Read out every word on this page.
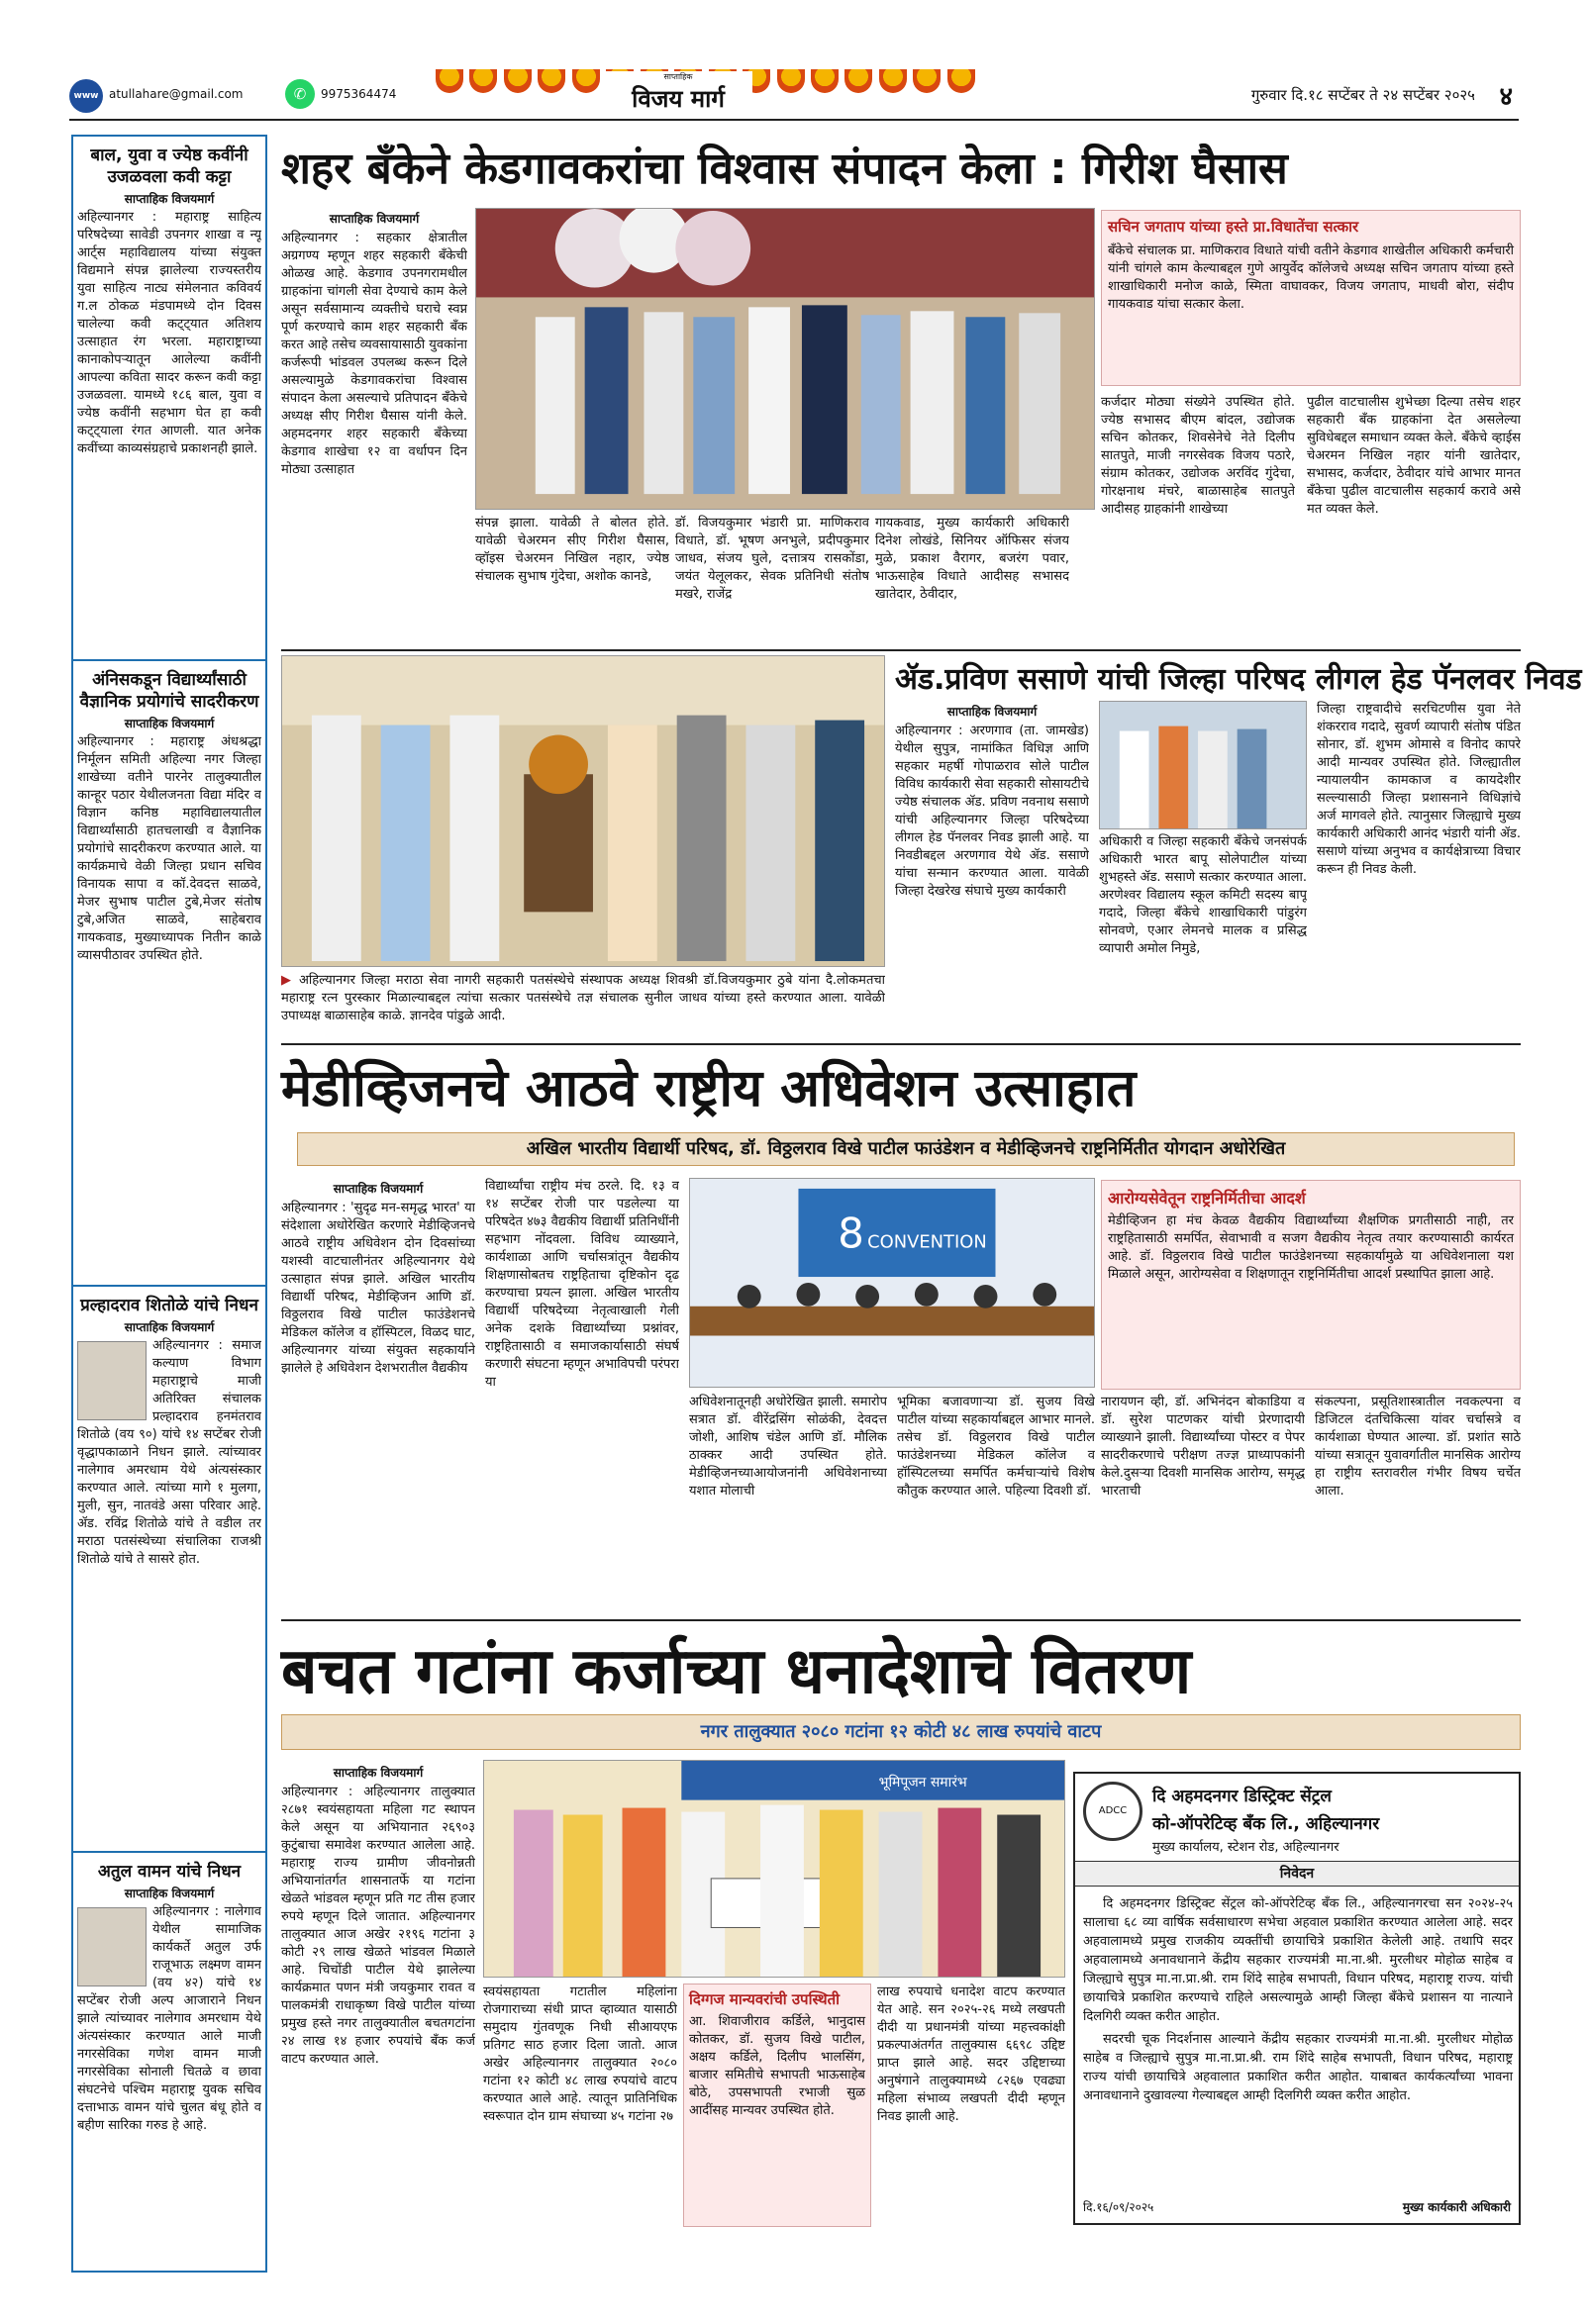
www atullahare@gmail.com	✆	9975364474
साप्ताहिक
विजय मार्ग	गुरुवार दि.१८ सप्टेंबर ते २४ सप्टेंबर २०२५ ४
बाल, युवा व ज्येष्ठ कवींनी उजळवला कवी कट्टा
साप्ताहिक विजयमार्ग
अहिल्यानगर : महाराष्ट्र साहित्य परिषदेच्या सावेडी उपनगर शाखा व न्यू आर्ट्स महाविद्यालय यांच्या संयुक्त विद्यमाने संपन्न झालेल्या राज्यस्तरीय युवा साहित्य नाट्य संमेलनात कविवर्य ग.ल ठोकळ मंडपामध्ये दोन दिवस चालेल्या कवी कट्ट्यात अतिशय उत्साहात रंग भरला. महाराष्ट्राच्या कानाकोपऱ्यातून आलेल्या कवींनी आपल्या कविता सादर करून कवी कट्टा उजळवला. यामध्ये १८६ बाल, युवा व ज्येष्ठ कवींनी सहभाग घेत हा कवी कट्ट्याला रंगत आणली. यात अनेक कवींच्या काव्यसंग्रहाचे प्रकाशनही झाले.
अंनिसकडून विद्यार्थ्यांसाठी वैज्ञानिक प्रयोगांचे सादरीकरण
साप्ताहिक विजयमार्ग
अहिल्यानगर : महाराष्ट्र अंधश्रद्धा निर्मूलन समिती अहिल्या नगर जिल्हा शाखेच्या वतीने पारनेर तालुक्यातील कान्हूर पठार येथीलजनता विद्या मंदिर व विज्ञान कनिष्ठ महाविद्यालयातील विद्यार्थ्यांसाठी हातचलाखी व वैज्ञानिक प्रयोगांचे सादरीकरण करण्यात आले. या कार्यक्रमाचे वेळी जिल्हा प्रधान सचिव विनायक सापा व कॉ.देवदत्त साळवे, मेजर सुभाष पाटील टुबे,मेजर संतोष टुबे,अजित साळवे, साहेबराव गायकवाड, मुख्याध्यापक नितीन काळे व्यासपीठावर उपस्थित होते.
प्रल्हादराव शितोळे यांचे निधन
साप्ताहिक विजयमार्ग
अहिल्यानगर : समाज कल्याण विभाग महाराष्ट्राचे माजी अतिरिक्त संचालक प्रल्हादराव हनमंतराव शितोळे (वय ९०) यांचे १४ सप्टेंबर रोजी वृद्धापकाळाने निधन झाले. त्यांच्यावर नालेगाव अमरधाम येथे अंत्यसंस्कार करण्यात आले. त्यांच्या मागे १ मुलगा, मुली, सुन, नातवंडे असा परिवार आहे. ॲड. रविंद्र शितोळे यांचे ते वडील तर मराठा पतसंस्थेच्या संचालिका राजश्री शितोळे यांचे ते सासरे होत.
अतुल वामन यांचे निधन
साप्ताहिक विजयमार्ग
अहिल्यानगर : नालेगाव येथील सामाजिक कार्यकर्ते अतुल उर्फ राजूभाऊ लक्ष्मण वामन (वय ४२) यांचे १४ सप्टेंबर रोजी अल्प आजाराने निधन झाले त्यांच्यावर नालेगाव अमरधाम येथे अंत्यसंस्कार करण्यात आले माजी नगरसेविका गणेश वामन माजी नगरसेविका सोनाली चितळे व छावा संघटनेचे पश्चिम महाराष्ट्र युवक सचिव दत्ताभाऊ वामन यांचे चुलत बंधू होते व बहीण सारिका गरुड हे आहे.
शहर बँकेने केडगावकरांचा विश्वास संपादन केला : गिरीश घैसास
साप्ताहिक विजयमार्ग
अहिल्यानगर : सहकार क्षेत्रातील अग्रगण्य म्हणून शहर सहकारी बँकेची ओळख आहे. केडगाव उपनगरामधील ग्राहकांना चांगली सेवा देण्याचे काम केले असून सर्वसामान्य व्यक्तीचे घराचे स्वप्न पूर्ण करण्याचे काम शहर सहकारी बँक करत आहे तसेच व्यवसायासाठी युवकांना कर्जरूपी भांडवल उपलब्ध करून दिले असल्यामुळे केडगावकरांचा विश्वास संपादन केला असल्याचे प्रतिपादन बँकेचे अध्यक्ष सीए गिरीश घैसास यांनी केले. अहमदनगर शहर सहकारी बँकेच्या केडगाव शाखेचा १२ वा वर्धापन दिन मोठ्या उत्साहात
संपन्न झाला. यावेळी ते बोलत होते. यावेळी चेअरमन सीए गिरीश घैसास, व्हॉइस चेअरमन निखिल नहार, ज्येष्ठ संचालक सुभाष गुंदेचा, अशोक कानडे,
डॉ. विजयकुमार भंडारी प्रा. माणिकराव विधाते, डॉ. भूषण अनभुले, प्रदीपकुमार जाधव, संजय घुले, दत्तात्रय रासकोंडा, जयंत येलूलकर, सेवक प्रतिनिधी संतोष मखरे, राजेंद्र
गायकवाड, मुख्य कार्यकारी अधिकारी दिनेश लोखंडे, सिनियर ऑफिसर संजय मुळे, प्रकाश वैरागर, बजरंग पवार, भाऊसाहेब विधाते आदीसह सभासद खातेदार, ठेवीदार,
सचिन जगताप यांच्या हस्ते प्रा.विधातेंचा सत्कार
बँकेचे संचालक प्रा. माणिकराव विधाते यांची वतीने केडगाव शाखेतील अधिकारी कर्मचारी यांनी चांगले काम केल्याबद्दल गुणे आयुर्वेद कॉलेजचे अध्यक्ष सचिन जगताप यांच्या हस्ते शाखाधिकारी मनोज काळे, स्मिता वाघावकर, विजय जगताप, माधवी बोरा, संदीप गायकवाड यांचा सत्कार केला.
कर्जदार मोठ्या संख्येने उपस्थित होते. ज्येष्ठ सभासद बीएम बांदल, उद्योजक सचिन कोतकर, शिवसेनेचे नेते दिलीप सातपुते, माजी नगरसेवक विजय पठारे, संग्राम कोतकर, उद्योजक अरविंद गुंदेचा, गोरक्षनाथ मंचरे, बाळासाहेब सातपुते आदीसह ग्राहकांनी शाखेच्या
पुढील वाटचालीस शुभेच्छा दिल्या तसेच शहर सहकारी बँक ग्राहकांना देत असलेल्या सुविधेबद्दल समाधान व्यक्त केले. बँकेचे व्हाईस चेअरमन निखिल नहार यांनी खातेदार, सभासद, कर्जदार, ठेवीदार यांचे आभार मानत बँकेचा पुढील वाटचालीस सहकार्य करावे असे मत व्यक्त केले.
▶ अहिल्यानगर जिल्हा मराठा सेवा नागरी सहकारी पतसंस्थेचे संस्थापक अध्यक्ष शिवश्री डॉ.विजयकुमार ठुबे यांना दै.लोकमतचा महाराष्ट्र रत्न पुरस्कार मिळाल्याबद्दल त्यांचा सत्कार पतसंस्थेचे तज्ञ संचालक सुनील जाधव यांच्या हस्ते करण्यात आला. यावेळी उपाध्यक्ष बाळासाहेब काळे. ज्ञानदेव पांडुळे आदी.
ॲड.प्रविण ससाणे यांची जिल्हा परिषद लीगल हेड पॅनलवर निवड
साप्ताहिक विजयमार्ग
अहिल्यानगर : अरणगाव (ता. जामखेड) येथील सुपुत्र, नामांकित विधिज्ञ आणि सहकार महर्षी गोपाळराव सोले पाटील विविध कार्यकारी सेवा सहकारी सोसायटीचे ज्येष्ठ संचालक ॲड. प्रविण नवनाथ ससाणे यांची अहिल्यानगर जिल्हा परिषदेच्या लीगल हेड पॅनलवर निवड झाली आहे. या निवडीबद्दल अरणगाव येथे ॲड. ससाणे यांचा सन्मान करण्यात आला. यावेळी जिल्हा देखरेख संघाचे मुख्य कार्यकारी
अधिकारी व जिल्हा सहकारी बँकेचे जनसंपर्क अधिकारी भारत बापू सोलेपाटील यांच्या शुभहस्ते ॲड. ससाणे सत्कार करण्यात आला. अरणेश्वर विद्यालय स्कूल कमिटी सदस्य बापू गदादे, जिल्हा बँकेचे शाखाधिकारी पांडुरंग सोनवणे, एआर लेमनचे मालक व प्रसिद्ध व्यापारी अमोल निमुडे,
जिल्हा राष्ट्रवादीचे सरचिटणीस युवा नेते शंकरराव गदादे, सुवर्ण व्यापारी संतोष पंडित सोनार, डॉ. शुभम ओमासे व विनोद कापरे आदी मान्यवर उपस्थित होते. जिल्ह्यातील न्यायालयीन कामकाज व कायदेशीर सल्ल्यासाठी जिल्हा प्रशासनाने विधिज्ञांचे अर्ज मागवले होते. त्यानुसार जिल्ह्याचे मुख्य कार्यकारी अधिकारी आनंद भंडारी यांनी ॲड. ससाणे यांच्या अनुभव व कार्यक्षेत्राच्या विचार करून ही निवड केली.
मेडीव्हिजनचे आठवे राष्ट्रीय अधिवेशन उत्साहात
अखिल भारतीय विद्यार्थी परिषद, डॉ. विठ्ठलराव विखे पाटील फाउंडेशन व मेडीव्हिजनचे राष्ट्रनिर्मितीत योगदान अधोरेखित
साप्ताहिक विजयमार्ग
अहिल्यानगर : 'सुदृढ मन-समृद्ध भारत' या संदेशाला अधोरेखित करणारे मेडीव्हिजनचे आठवे राष्ट्रीय अधिवेशन दोन दिवसांच्या यशस्वी वाटचालीनंतर अहिल्यानगर येथे उत्साहात संपन्न झाले. अखिल भारतीय विद्यार्थी परिषद, मेडीव्हिजन आणि डॉ. विठ्ठलराव विखे पाटील फाउंडेशनचे मेडिकल कॉलेज व हॉस्पिटल, विळद घाट, अहिल्यानगर यांच्या संयुक्त सहकार्याने झालेले हे अधिवेशन देशभरातील वैद्यकीय
विद्यार्थ्यांचा राष्ट्रीय मंच ठरले. दि. १३ व १४ सप्टेंबर रोजी पार पडलेल्या या परिषदेत ४७३ वैद्यकीय विद्यार्थी प्रतिनिधींनी सहभाग नोंदवला. विविध व्याख्याने, कार्यशाळा आणि चर्चासत्रांतून वैद्यकीय शिक्षणासोबतच राष्ट्रहिताचा दृष्टिकोन दृढ करण्याचा प्रयत्न झाला. अखिल भारतीय विद्यार्थी परिषदेच्या नेतृत्वाखाली गेली अनेक दशके विद्यार्थ्यांच्या प्रश्नांवर, राष्ट्रहितासाठी व समाजकार्यासाठी संघर्ष करणारी संघटना म्हणून अभाविपची परंपरा या
8 CONVENTION
अधिवेशनातूनही अधोरेखित झाली. समारोप सत्रात डॉ. वीरेंद्रसिंग सोळंकी, देवदत्त जोशी, आशिष चंडेल आणि डॉ. मौलिक ठाक्कर आदी उपस्थित होते. मेडीव्हिजनच्याआयोजनांनी अधिवेशनाच्या यशात मोलाची
भूमिका बजावणाऱ्या डॉ. सुजय विखे पाटील यांच्या सहकार्याबद्दल आभार मानले. तसेच डॉ. विठ्ठलराव विखे पाटील फाउंडेशनच्या मेडिकल कॉलेज व हॉस्पिटलच्या समर्पित कर्मचाऱ्यांचे विशेष कौतुक करण्यात आले. पहिल्या दिवशी डॉ.
आरोग्यसेवेतून राष्ट्रनिर्मितीचा आदर्श
मेडीव्हिजन हा मंच केवळ वैद्यकीय विद्यार्थ्यांच्या शैक्षणिक प्रगतीसाठी नाही, तर राष्ट्रहितासाठी समर्पित, सेवाभावी व सजग वैद्यकीय नेतृत्व तयार करण्यासाठी कार्यरत आहे. डॉ. विठ्ठलराव विखे पाटील फाउंडेशनच्या सहकार्यामुळे या अधिवेशनाला यश मिळाले असून, आरोग्यसेवा व शिक्षणातून राष्ट्रनिर्मितीचा आदर्श प्रस्थापित झाला आहे.
नारायणन व्ही, डॉ. अभिनंदन बोकाडिया व डॉ. सुरेश पाटणकर यांची प्रेरणादायी व्याख्याने झाली. विद्यार्थ्यांच्या पोस्टर व पेपर सादरीकरणाचे परीक्षण तज्ज्ञ प्राध्यापकांनी केले.दुसऱ्या दिवशी मानसिक आरोग्य, समृद्ध भारताची
संकल्पना, प्रसूतिशास्त्रातील नवकल्पना व डिजिटल दंतचिकित्सा यांवर चर्चासत्रे व कार्यशाळा घेण्यात आल्या. डॉ. प्रशांत साठे यांच्या सत्रातून युवावर्गातील मानसिक आरोग्य हा राष्ट्रीय स्तरावरील गंभीर विषय चर्चेत आला.
बचत गटांना कर्जाच्या धनादेशाचे वितरण
नगर तालुक्यात २०८० गटांना १२ कोटी ४८ लाख रुपयांचे वाटप
साप्ताहिक विजयमार्ग
अहिल्यानगर : अहिल्यानगर तालुक्यात २८७१ स्वयंसहायता महिला गट स्थापन केले असून या अभियानात २६९०३ कुटुंबाचा समावेश करण्यात आलेला आहे. महाराष्ट्र राज्य ग्रामीण जीवनोन्नती अभियानांतर्गत शासनातर्फे या गटांना खेळते भांडवल म्हणून प्रति गट तीस हजार रुपये म्हणून दिले जातात. अहिल्यानगर तालुक्यात आज अखेर २१९६ गटांना ३ कोटी २९ लाख खेळते भांडवल मिळाले आहे. चिचोंडी पाटील येथे झालेल्या कार्यक्रमात पणन मंत्री जयकुमार रावत व पालकमंत्री राधाकृष्ण विखे पाटील यांच्या प्रमुख हस्ते नगर तालुक्यातील बचतगटांना २४ लाख १४ हजार रुपयांचे बँक कर्ज वाटप करण्यात आले.
भूमिपूजन समारंभ
स्वयंसहायता गटातील महिलांना रोजगाराच्या संधी प्राप्त व्हाव्यात यासाठी समुदाय गुंतवणूक निधी सीआयएफ प्रतिगट साठ हजार दिला जातो. आज अखेर अहिल्यानगर तालुक्यात २०८० गटांना १२ कोटी ४८ लाख रुपयांचे वाटप करण्यात आले आहे. त्यातून प्रातिनिधिक स्वरूपात दोन ग्राम संघाच्या ४५ गटांना २७
दिग्गज मान्यवरांची उपस्थिती
आ. शिवाजीराव कर्डिले, भानुदास कोतकर, डॉ. सुजय विखे पाटील, अक्षय कर्डिले, दिलीप भालसिंग, बाजार समितीचे सभापती भाऊसाहेब बोठे, उपसभापती रभाजी सुळ आदींसह मान्यवर उपस्थित होते.
लाख रुपयाचे धनादेश वाटप करण्यात येत आहे. सन २०२५-२६ मध्ये लखपती दीदी या प्रधानमंत्री यांच्या महत्त्वकांक्षी प्रकल्पाअंतर्गत तालुक्यास ६६९८ उद्दिष्ट प्राप्त झाले आहे. सदर उद्दिष्टाच्या अनुषंगाने तालुक्यामध्ये ८२६७ एवढ्या महिला संभाव्य लखपती दीदी म्हणून निवड झाली आहे.
ADCC
दि अहमदनगर डिस्ट्रिक्ट सेंट्रल
को-ऑपरेटिव्ह बँक लि., अहिल्यानगर
मुख्य कार्यालय, स्टेशन रोड, अहिल्यानगर
निवेदन

दि अहमदनगर डिस्ट्रिक्ट सेंट्रल को-ऑपरेटिव्ह बँक लि., अहिल्यानगरचा सन २०२४-२५ सालाचा ६८ व्या वार्षिक सर्वसाधारण सभेचा अहवाल प्रकाशित करण्यात आलेला आहे. सदर अहवालामध्ये प्रमुख राजकीय व्यक्तींची छायाचित्रे प्रकाशित केलेली आहे. तथापि सदर अहवालामध्ये अनावधानाने केंद्रीय सहकार राज्यमंत्री मा.ना.श्री. मुरलीधर मोहोळ साहेब व जिल्ह्याचे सुपुत्र मा.ना.प्रा.श्री. राम शिंदे साहेब सभापती, विधान परिषद, महाराष्ट्र राज्य. यांची छायाचित्रे प्रकाशित करण्याचे राहिले असल्यामुळे आम्ही जिल्हा बँकेचे प्रशासन या नात्याने दिलगिरी व्यक्त करीत आहोत.

सदरची चूक निदर्शनास आल्याने केंद्रीय सहकार राज्यमंत्री मा.ना.श्री. मुरलीधर मोहोळ साहेब व जिल्ह्याचे सुपुत्र मा.ना.प्रा.श्री. राम शिंदे साहेब सभापती, विधान परिषद, महाराष्ट्र राज्य यांची छायाचित्रे अहवालात प्रकाशित करीत आहोत. याबाबत कार्यकर्त्यांच्या भावना अनावधानाने दुखावल्या गेल्याबद्दल आम्ही दिलगिरी व्यक्त करीत आहोत.

दि.१६/०९/२०२५	मुख्य कार्यकारी अधिकारी
